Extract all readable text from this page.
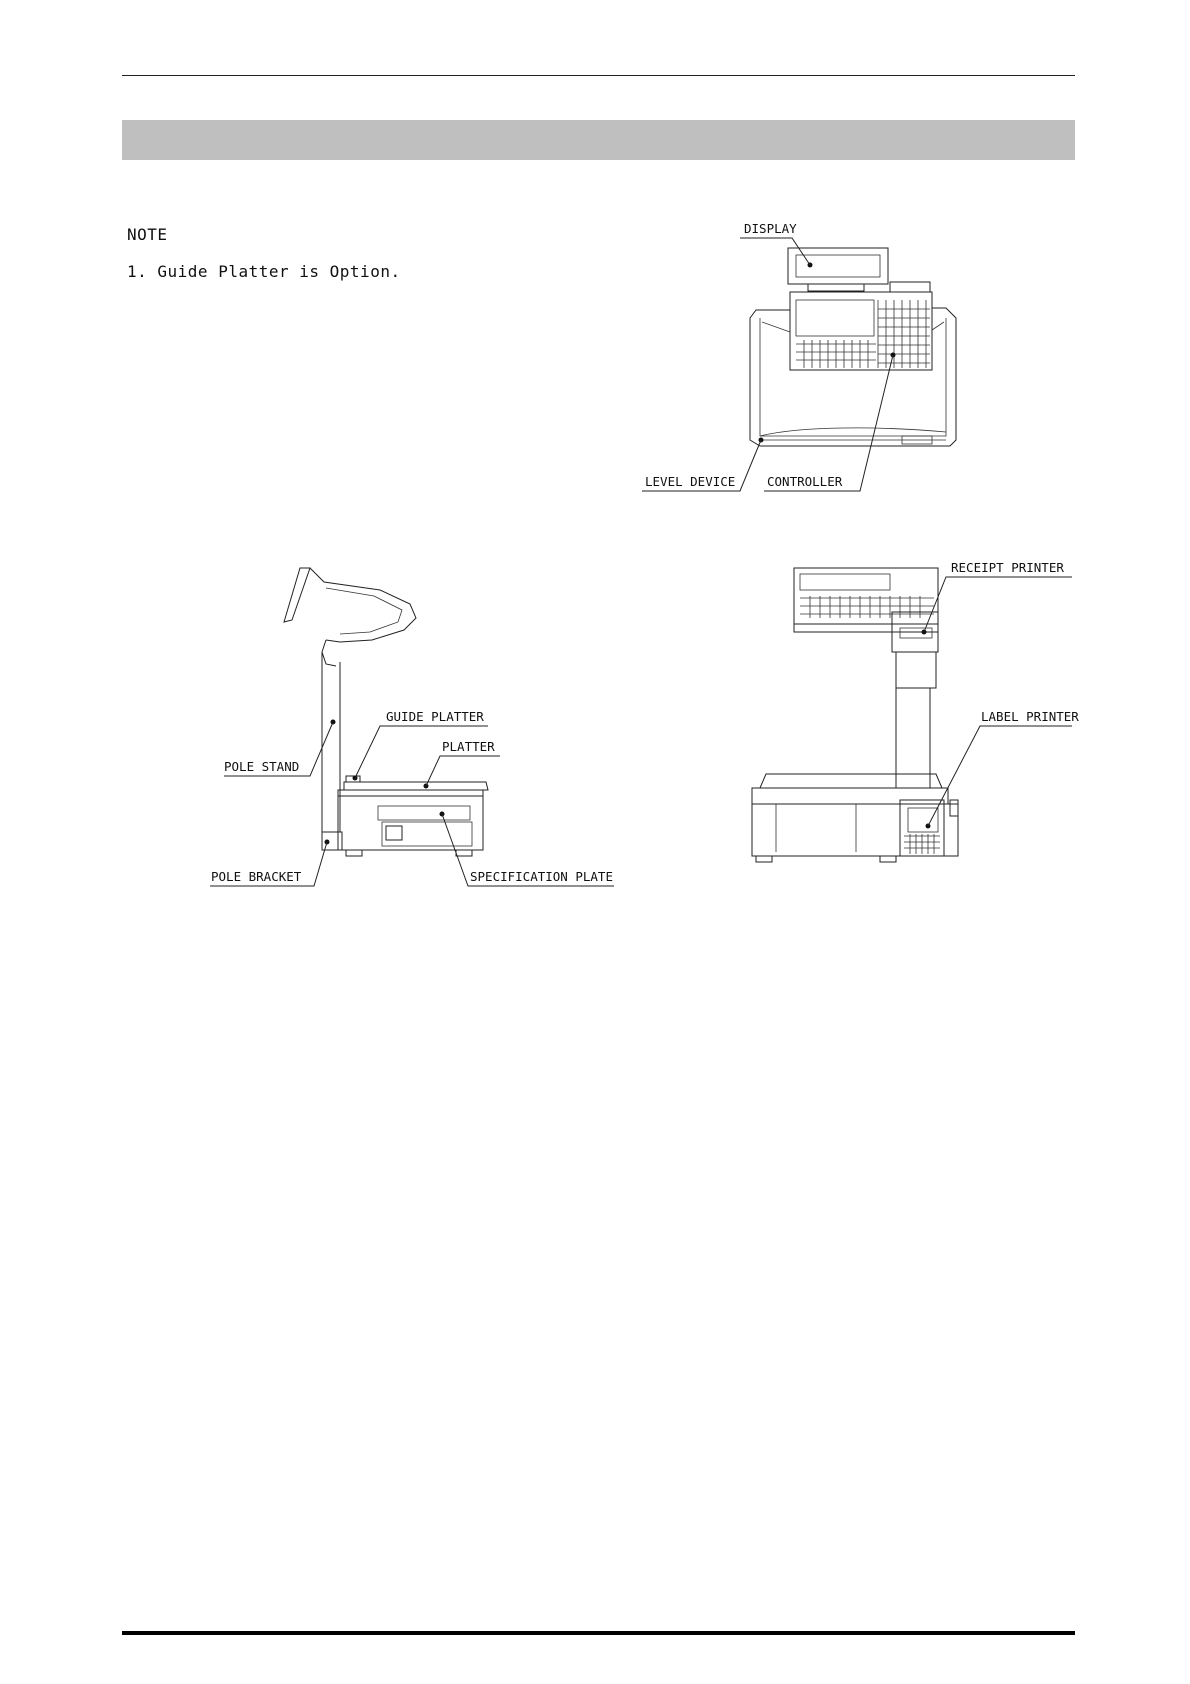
NOTE
1. Guide Platter is Option.
DISPLAY
LEVEL DEVICE	CONTROLLER
POLE STAND
GUIDE PLATTER
PLATTER
POLE BRACKET	SPECIFICATION PLATE
RECEIPT PRINTER
LABEL PRINTER
